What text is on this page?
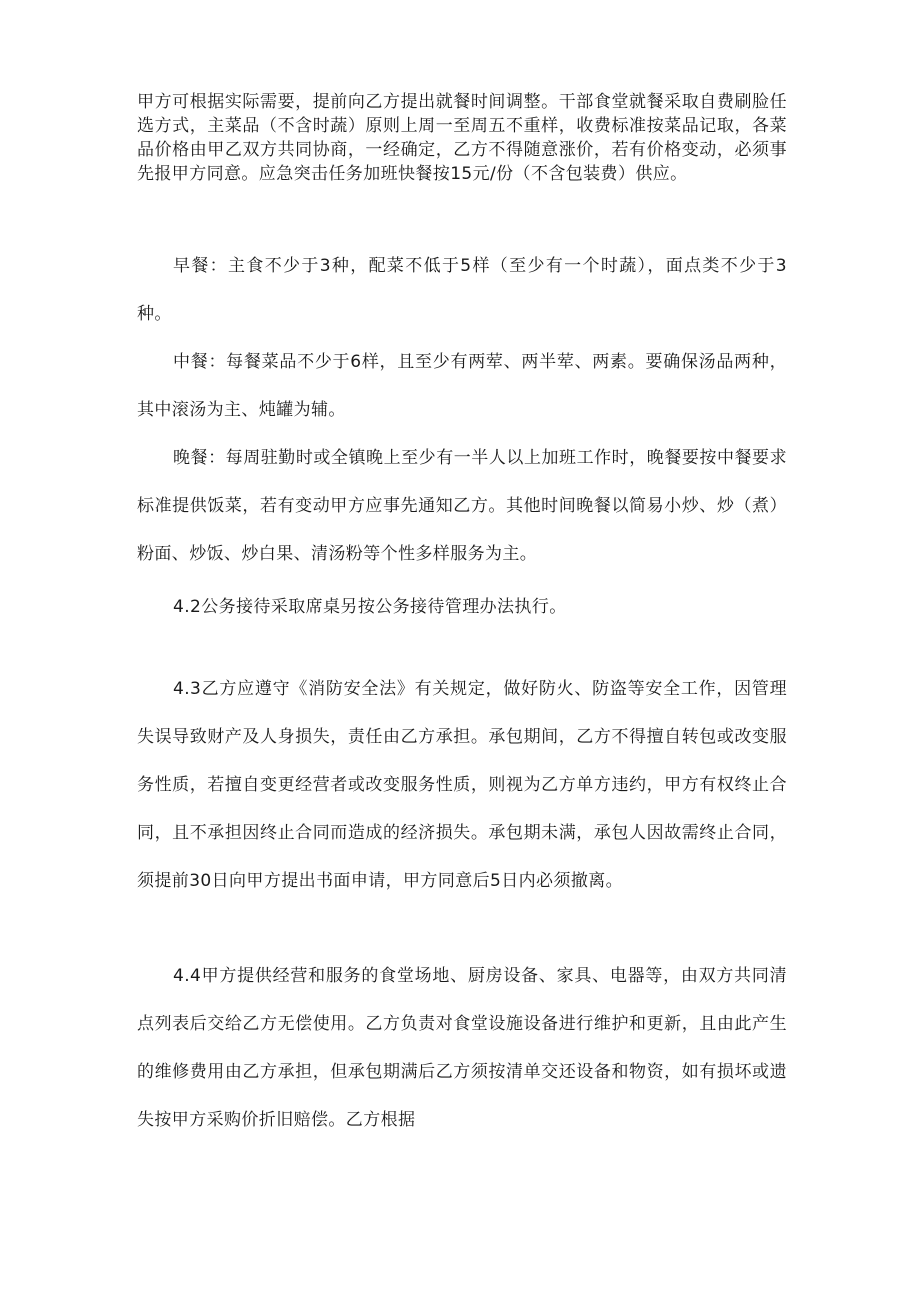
甲方可根据实际需要，提前向乙方提出就餐时间调整。干部食堂就餐采取自费刷脸任选方式，主菜品（不含时蔬）原则上周一至周五不重样，收费标准按菜品记取，各菜品价格由甲乙双方共同协商，一经确定，乙方不得随意涨价，若有价格变动，必须事先报甲方同意。应急突击任务加班快餐按15元/份（不含包装费）供应。

早餐：主食不少于3种，配菜不低于5样（至少有一个时蔬），面点类不少于3种。

中餐：每餐菜品不少于6样，且至少有两荤、两半荤、两素。要确保汤品两种，其中滚汤为主、炖罐为辅。

晚餐：每周驻勤时或全镇晚上至少有一半人以上加班工作时，晚餐要按中餐要求标准提供饭菜，若有变动甲方应事先通知乙方。其他时间晚餐以简易小炒、炒（煮）粉面、炒饭、炒白果、清汤粉等个性多样服务为主。

4.2公务接待采取席桌另按公务接待管理办法执行。

4.3乙方应遵守《消防安全法》有关规定，做好防火、防盗等安全工作，因管理失误导致财产及人身损失，责任由乙方承担。承包期间，乙方不得擅自转包或改变服务性质，若擅自变更经营者或改变服务性质，则视为乙方单方违约，甲方有权终止合同，且不承担因终止合同而造成的经济损失。承包期未满，承包人因故需终止合同，须提前30日向甲方提出书面申请，甲方同意后5日内必须撤离。

4.4甲方提供经营和服务的食堂场地、厨房设备、家具、电器等，由双方共同清点列表后交给乙方无偿使用。乙方负责对食堂设施设备进行维护和更新，且由此产生的维修费用由乙方承担，但承包期满后乙方须按清单交还设备和物资，如有损坏或遗失按甲方采购价折旧赔偿。乙方根据
